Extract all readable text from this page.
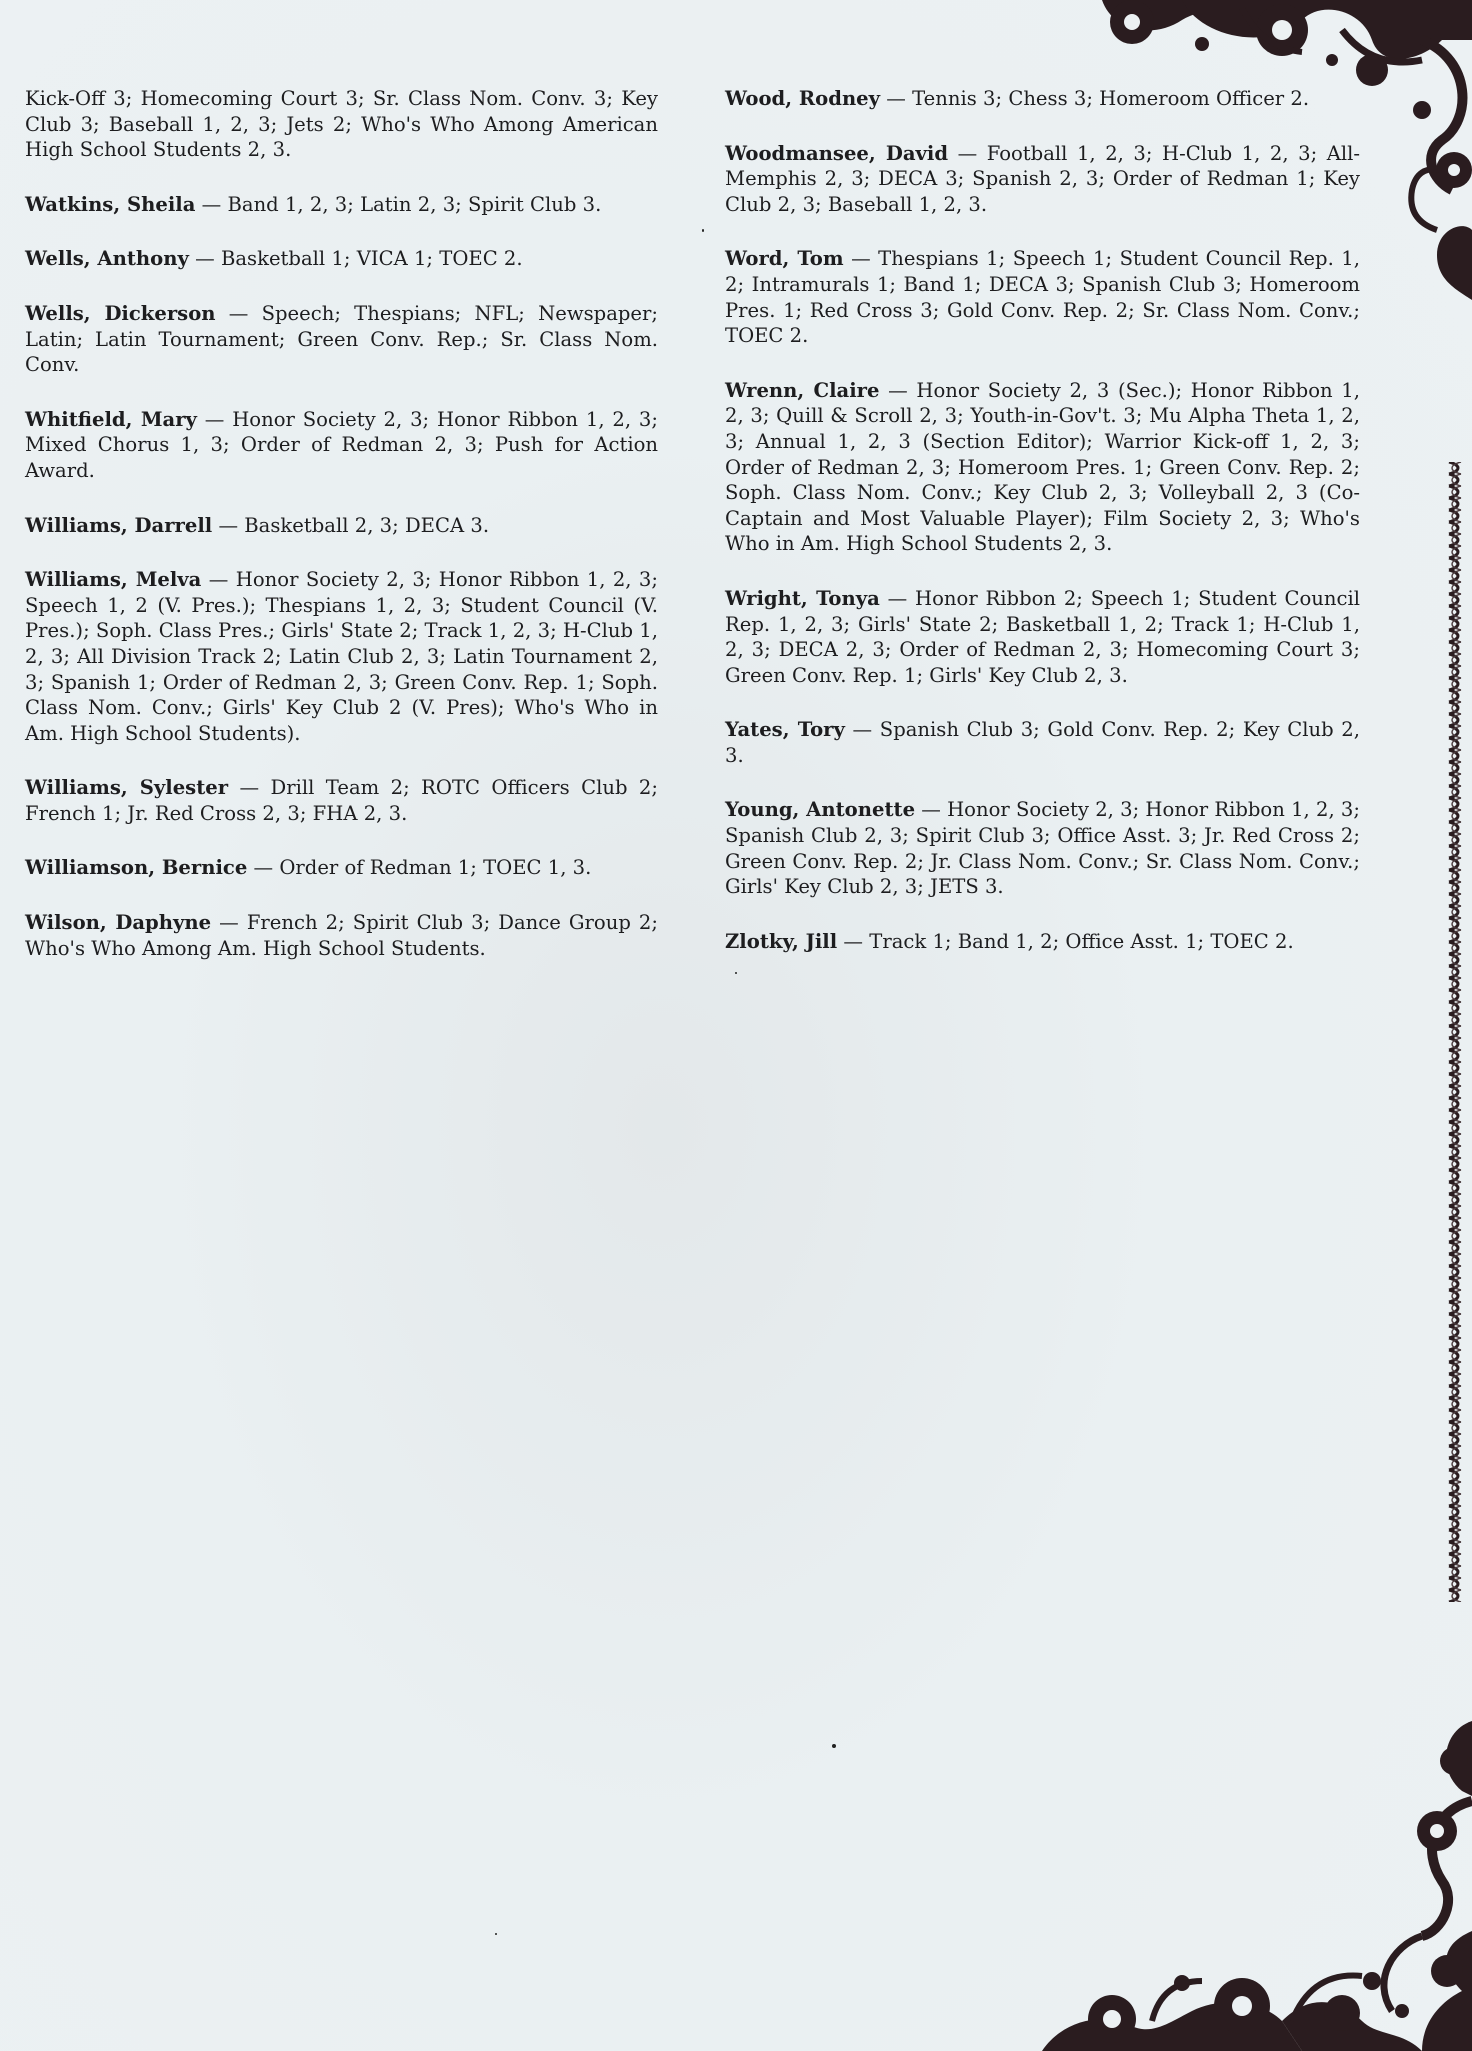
Kick-Off 3; Homecoming Court 3; Sr. Class Nom. Conv. 3; Key Club 3; Baseball 1, 2, 3; Jets 2; Who's Who Among American High School Students 2, 3.

Watkins, Sheila — Band 1, 2, 3; Latin 2, 3; Spirit Club 3.

Wells, Anthony — Basketball 1; VICA 1; TOEC 2.

Wells, Dickerson — Speech; Thespians; NFL; Newspaper; Latin; Latin Tournament; Green Conv. Rep.; Sr. Class Nom. Conv.

Whitfield, Mary — Honor Society 2, 3; Honor Ribbon 1, 2, 3; Mixed Chorus 1, 3; Order of Redman 2, 3; Push for Action Award.

Williams, Darrell — Basketball 2, 3; DECA 3.

Williams, Melva — Honor Society 2, 3; Honor Ribbon 1, 2, 3; Speech 1, 2 (V. Pres.); Thespians 1, 2, 3; Student Council (V. Pres.); Soph. Class Pres.; Girls' State 2; Track 1, 2, 3; H-Club 1, 2, 3; All Division Track 2; Latin Club 2, 3; Latin Tournament 2, 3; Spanish 1; Order of Redman 2, 3; Green Conv. Rep. 1; Soph. Class Nom. Conv.; Girls' Key Club 2 (V. Pres); Who's Who in Am. High School Students).

Williams, Sylester — Drill Team 2; ROTC Officers Club 2; French 1; Jr. Red Cross 2, 3; FHA 2, 3.

Williamson, Bernice — Order of Redman 1; TOEC 1, 3.

Wilson, Daphyne — French 2; Spirit Club 3; Dance Group 2; Who's Who Among Am. High School Students.

Wood, Rodney — Tennis 3; Chess 3; Homeroom Officer 2.

Woodmansee, David — Football 1, 2, 3; H-Club 1, 2, 3; All-Memphis 2, 3; DECA 3; Spanish 2, 3; Order of Redman 1; Key Club 2, 3; Baseball 1, 2, 3.

Word, Tom — Thespians 1; Speech 1; Student Council Rep. 1, 2; Intramurals 1; Band 1; DECA 3; Spanish Club 3; Homeroom Pres. 1; Red Cross 3; Gold Conv. Rep. 2; Sr. Class Nom. Conv.; TOEC 2.

Wrenn, Claire — Honor Society 2, 3 (Sec.); Honor Ribbon 1, 2, 3; Quill & Scroll 2, 3; Youth-in-Gov't. 3; Mu Alpha Theta 1, 2, 3; Annual 1, 2, 3 (Section Editor); Warrior Kick-off 1, 2, 3; Order of Redman 2, 3; Homeroom Pres. 1; Green Conv. Rep. 2; Soph. Class Nom. Conv.; Key Club 2, 3; Volleyball 2, 3 (Co-Captain and Most Valuable Player); Film Society 2, 3; Who's Who in Am. High School Students 2, 3.

Wright, Tonya — Honor Ribbon 2; Speech 1; Student Council Rep. 1, 2, 3; Girls' State 2; Basketball 1, 2; Track 1; H-Club 1, 2, 3; DECA 2, 3; Order of Redman 2, 3; Homecoming Court 3; Green Conv. Rep. 1; Girls' Key Club 2, 3.

Yates, Tory — Spanish Club 3; Gold Conv. Rep. 2; Key Club 2, 3.

Young, Antonette — Honor Society 2, 3; Honor Ribbon 1, 2, 3; Spanish Club 2, 3; Spirit Club 3; Office Asst. 3; Jr. Red Cross 2; Green Conv. Rep. 2; Jr. Class Nom. Conv.; Sr. Class Nom. Conv.; Girls' Key Club 2, 3; JETS 3.

Zlotky, Jill — Track 1; Band 1, 2; Office Asst. 1; TOEC 2.
